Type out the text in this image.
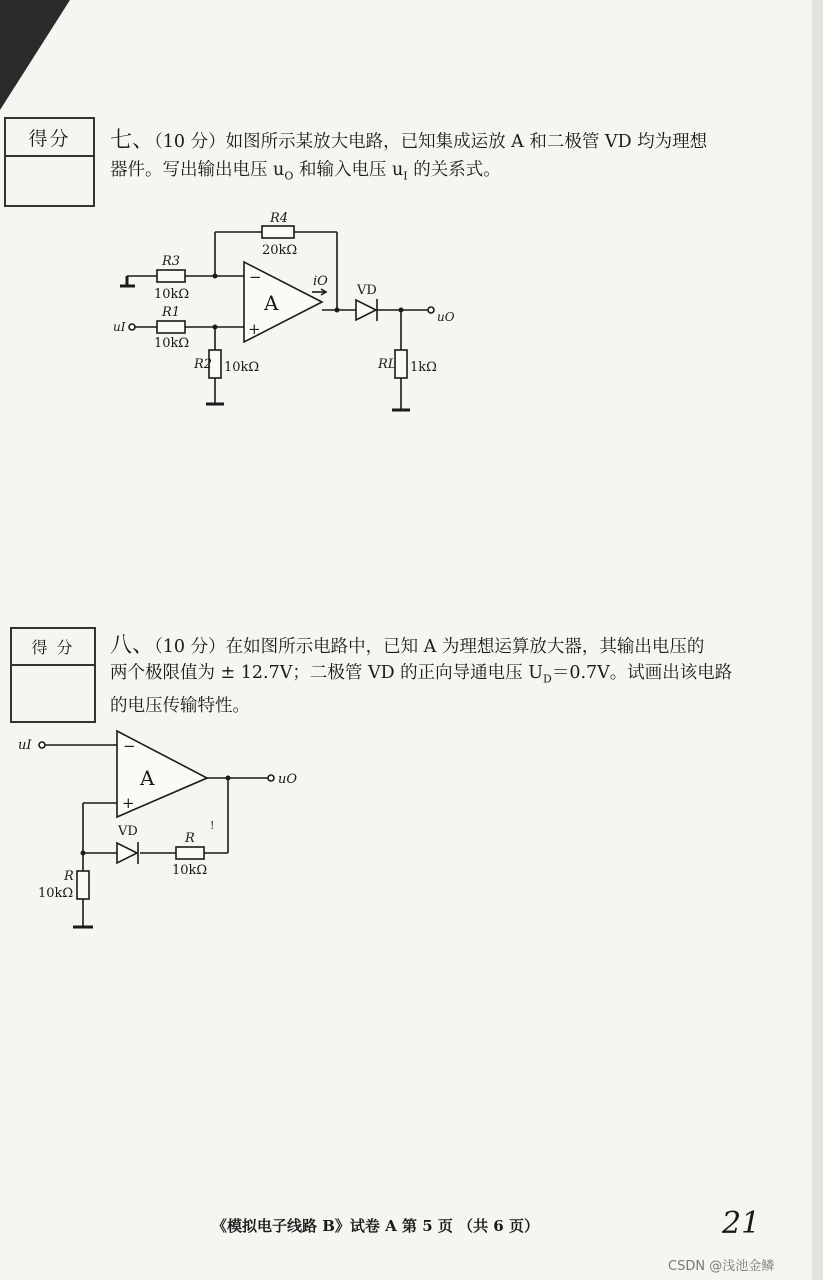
得分	七、（10 分）如图所示某放大电路，已知集成运放 A 和二极管 VD 均为理想
器件。写出输出电压 $u_O$ 和输入电压 $u_I$ 的关系式。
R4
20kΩ
R3
10kΩ
R1
10kΩ
R2 10kΩ	RL 1kΩ
A
−
+
iO
VD
uI
uO
得 分	八、（10 分）在如图所示电路中，已知 A 为理想运算放大器，其输出电压的
两个极限值为 ± 12.7V；二极管 VD 的正向导通电压 $U_D=0.7V$。试画出该电路
的电压传输特性。
uI
uO
A
−
+
VD	R
10kΩ
R
10kΩ
!
《模拟电子线路 B》试卷 A 第 5 页 （共 6 页）	21
CSDN @浅池金鳞
